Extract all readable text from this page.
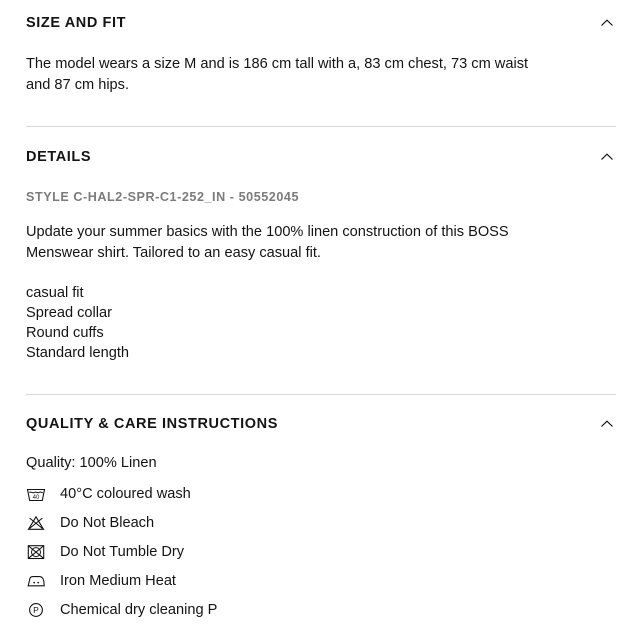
SIZE AND FIT
The model wears a size M and is 186 cm tall with a, 83 cm chest, 73 cm waist and 87 cm hips.
DETAILS
STYLE C-HAL2-SPR-C1-252_IN - 50552045
Update your summer basics with the 100% linen construction of this BOSS Menswear shirt. Tailored to an easy casual fit.
casual fit
Spread collar
Round cuffs
Standard length
QUALITY & CARE INSTRUCTIONS
Quality: 100% Linen
40 40°C coloured wash
Do Not Bleach
Do Not Tumble Dry
Iron Medium Heat
P Chemical dry cleaning P
